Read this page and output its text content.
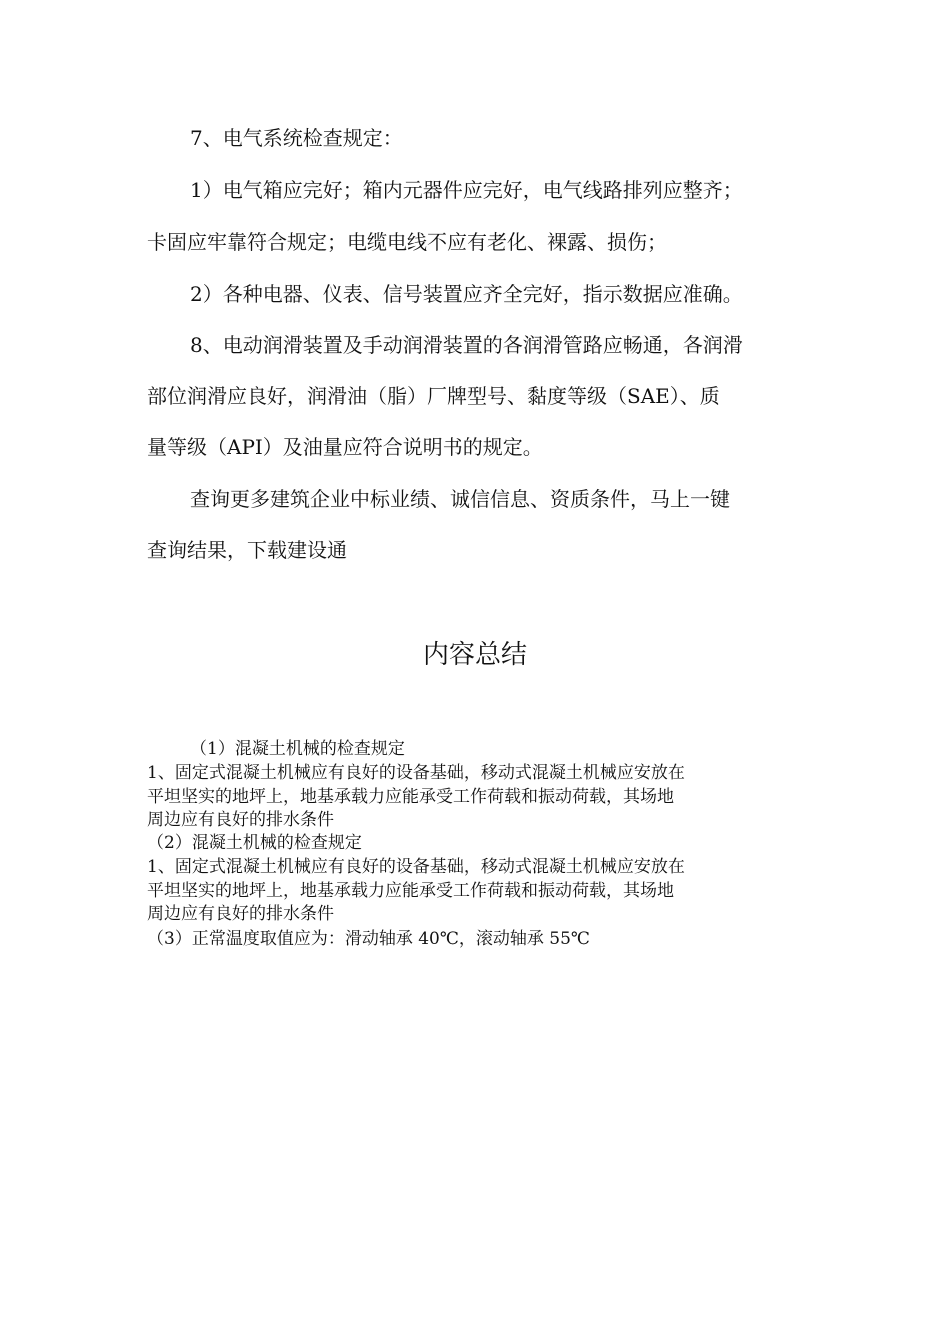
7、电气系统检查规定：
1）电气箱应完好；箱内元器件应完好，电气线路排列应整齐；
卡固应牢靠符合规定；电缆电线不应有老化、裸露、损伤；
2）各种电器、仪表、信号装置应齐全完好，指示数据应准确。
8、电动润滑装置及手动润滑装置的各润滑管路应畅通，各润滑
部位润滑应良好，润滑油（脂）厂牌型号、黏度等级（SAE）、质
量等级（API）及油量应符合说明书的规定。
查询更多建筑企业中标业绩、诚信信息、资质条件，马上一键
查询结果，下载建设通
内容总结
（1）混凝土机械的检查规定
1、固定式混凝土机械应有良好的设备基础，移动式混凝土机械应安放在
平坦坚实的地坪上，地基承载力应能承受工作荷载和振动荷载，其场地
周边应有良好的排水条件
（2）混凝土机械的检查规定
1、固定式混凝土机械应有良好的设备基础，移动式混凝土机械应安放在
平坦坚实的地坪上，地基承载力应能承受工作荷载和振动荷载，其场地
周边应有良好的排水条件
（3）正常温度取值应为：滑动轴承 40℃，滚动轴承 55℃
